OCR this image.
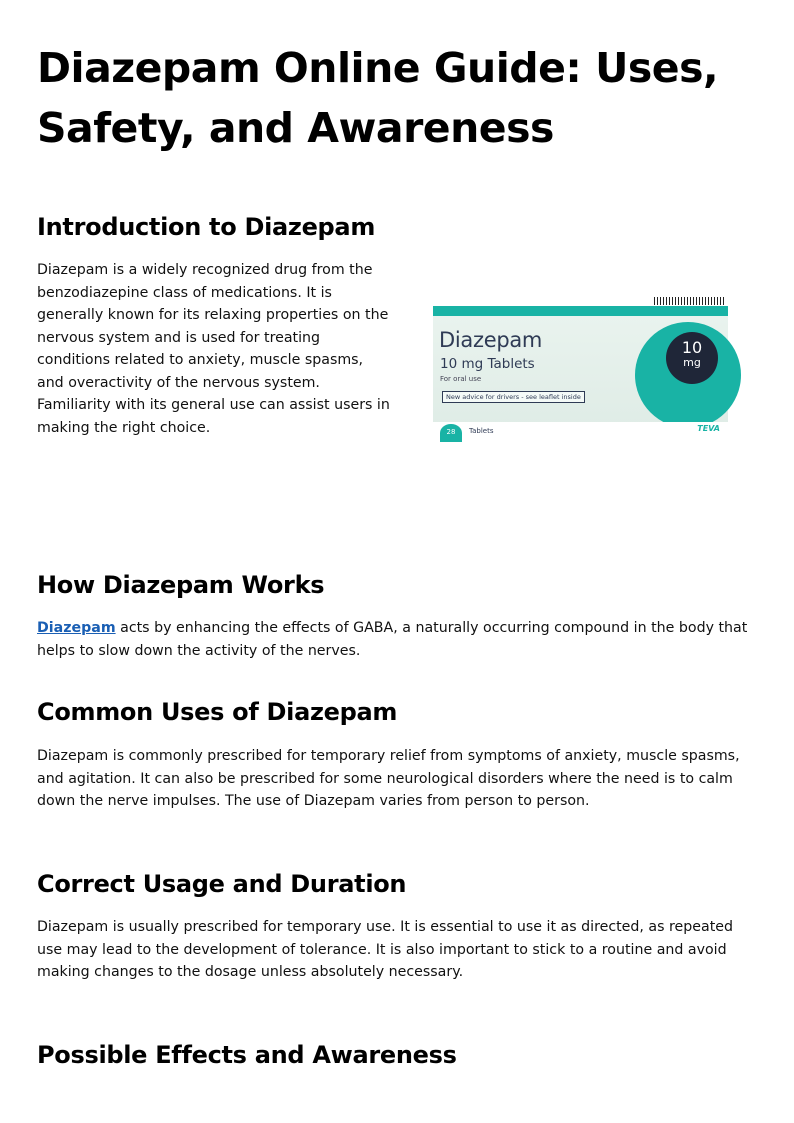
Diazepam Online Guide: Uses, Safety, and Awareness
Introduction to Diazepam

Diazepam is a widely recognized drug from the benzodiazepine class of medications. It is generally known for its relaxing properties on the nervous system and is used for treating conditions related to anxiety, muscle spasms, and overactivity of the nervous system. Familiarity with its general use can assist users in making the right choice.

10
mg
Diazepam
10 mg Tablets
For oral use
New advice for drivers - see leaflet inside
28	Tablets	TEVA
How Diazepam Works

Diazepam acts by enhancing the effects of GABA, a naturally occurring compound in the body that helps to slow down the activity of the nerves.

Common Uses of Diazepam

Diazepam is commonly prescribed for temporary relief from symptoms of anxiety, muscle spasms, and agitation. It can also be prescribed for some neurological disorders where the need is to calm down the nerve impulses. The use of Diazepam varies from person to person.

Correct Usage and Duration

Diazepam is usually prescribed for temporary use. It is essential to use it as directed, as repeated use may lead to the development of tolerance. It is also important to stick to a routine and avoid making changes to the dosage unless absolutely necessary.

Possible Effects and Awareness
